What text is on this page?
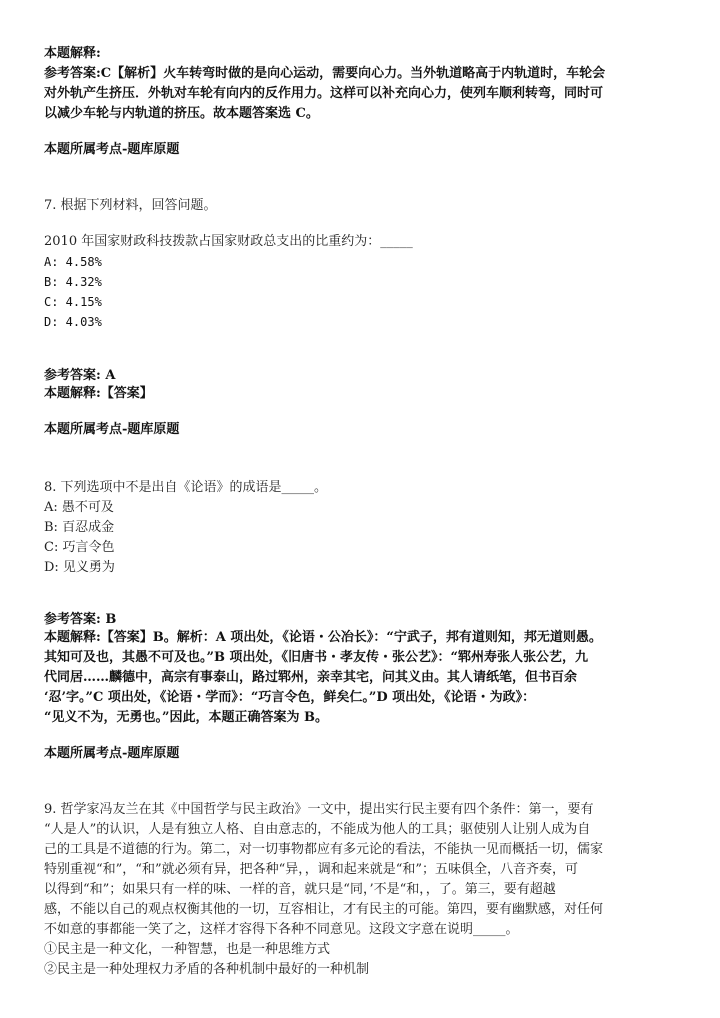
本题解释:
参考答案:C【解析】火车转弯时做的是向心运动，需要向心力。当外轨道略高于内轨道时，车轮会
对外轨产生挤压．外轨对车轮有向内的反作用力。这样可以补充向心力，使列车顺利转弯，同时可
以减少车轮与内轨道的挤压。故本题答案选 C。
本题所属考点-题库原题
7. 根据下列材料，回答问题。
2010 年国家财政科技拨款占国家财政总支出的比重约为：_____
A: 4.58%
B: 4.32%
C: 4.15%
D: 4.03%
参考答案: A
本题解释:【答案】
本题所属考点-题库原题
8. 下列选项中不是出自《论语》的成语是_____。
A: 愚不可及
B: 百忍成金
C: 巧言令色
D: 见义勇为
参考答案: B
本题解释:【答案】B。解析：A 项出处，《论语・公冶长》：“宁武子，邦有道则知，邦无道则愚。
其知可及也，其愚不可及也。”B 项出处，《旧唐书・孝友传・张公艺》：“郓州寿张人张公艺，九
代同居……麟德中，高宗有事泰山，路过郓州，亲幸其宅，问其义由。其人请纸笔，但书百余
‘忍’字。”C 项出处，《论语・学而》：“巧言令色，鲜矣仁。”D 项出处，《论语・为政》：
“见义不为，无勇也。”因此，本题正确答案为 B。
本题所属考点-题库原题
9. 哲学家冯友兰在其《中国哲学与民主政治》一文中，提出实行民主要有四个条件：第一，要有
“人是人”的认识，人是有独立人格、自由意志的，不能成为他人的工具；驱使别人让别人成为自
己的工具是不道德的行为。第二，对一切事物都应有多元论的看法，不能执一见而概括一切，儒家
特别重视“和”，“和”就必须有异，把各种“异，，调和起来就是“和”；五味俱全，八音齐奏，可
以得到“和”；如果只有一样的味、一样的音，就只是“同，’不是“和，，了。第三，要有超越
感，不能以自己的观点权衡其他的一切，互容相让，才有民主的可能。第四，要有幽默感，对任何
不如意的事都能一笑了之，这样才容得下各种不同意见。这段文字意在说明_____。
①民主是一种文化，一种智慧，也是一种思维方式
②民主是一种处理权力矛盾的各种机制中最好的一种机制
